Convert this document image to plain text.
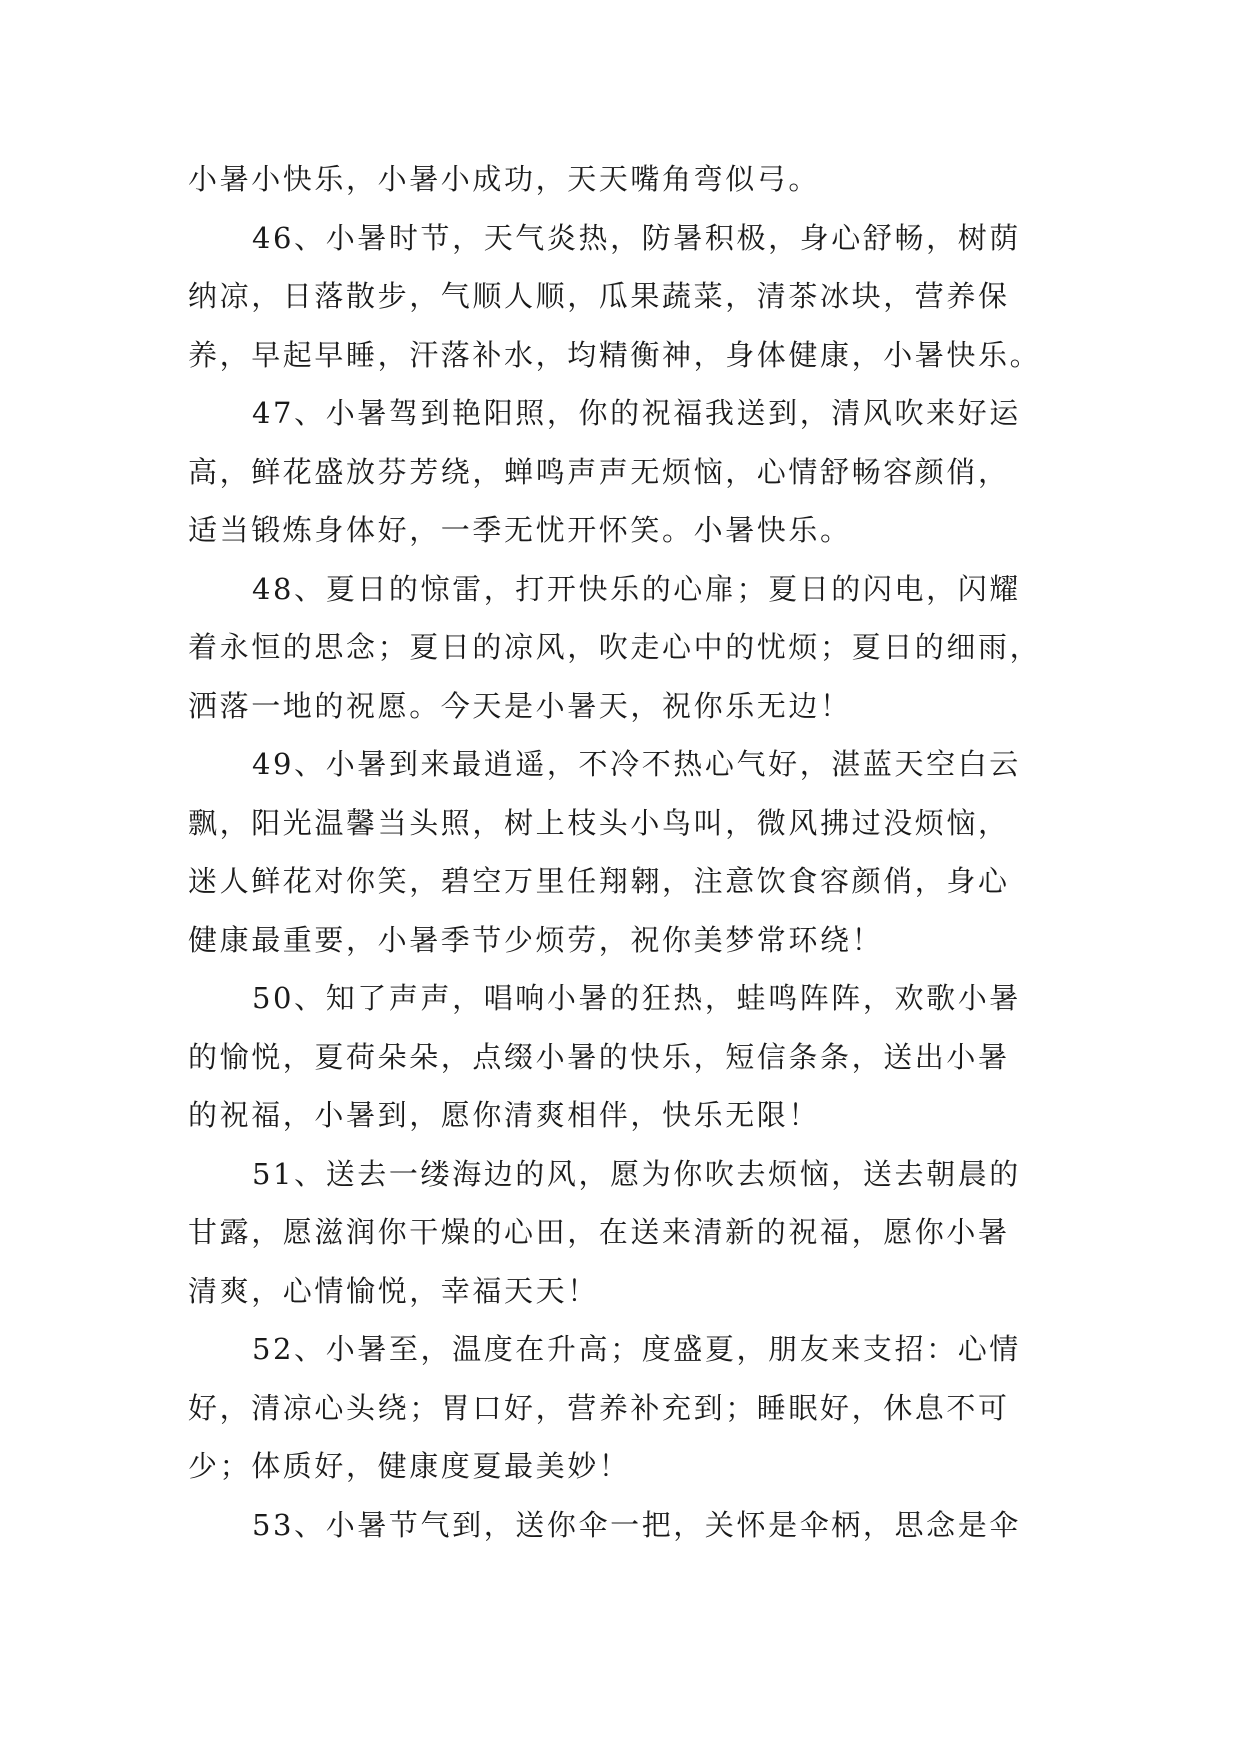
小暑小快乐，小暑小成功，天天嘴角弯似弓。
46、小暑时节，天气炎热，防暑积极，身心舒畅，树荫
纳凉，日落散步，气顺人顺，瓜果蔬菜，清茶冰块，营养保
养，早起早睡，汗落补水，均精衡神，身体健康，小暑快乐。
47、小暑驾到艳阳照，你的祝福我送到，清风吹来好运
高，鲜花盛放芬芳绕，蝉鸣声声无烦恼，心情舒畅容颜俏，
适当锻炼身体好，一季无忧开怀笑。小暑快乐。
48、夏日的惊雷，打开快乐的心扉；夏日的闪电，闪耀
着永恒的思念；夏日的凉风，吹走心中的忧烦；夏日的细雨，
洒落一地的祝愿。今天是小暑天，祝你乐无边！
49、小暑到来最逍遥，不冷不热心气好，湛蓝天空白云
飘，阳光温馨当头照，树上枝头小鸟叫，微风拂过没烦恼，
迷人鲜花对你笑，碧空万里任翔翱，注意饮食容颜俏，身心
健康最重要，小暑季节少烦劳，祝你美梦常环绕！
50、知了声声，唱响小暑的狂热，蛙鸣阵阵，欢歌小暑
的愉悦，夏荷朵朵，点缀小暑的快乐，短信条条，送出小暑
的祝福，小暑到，愿你清爽相伴，快乐无限！
51、送去一缕海边的风，愿为你吹去烦恼，送去朝晨的
甘露，愿滋润你干燥的心田，在送来清新的祝福，愿你小暑
清爽，心情愉悦，幸福天天！
52、小暑至，温度在升高；度盛夏，朋友来支招：心情
好，清凉心头绕；胃口好，营养补充到；睡眠好，休息不可
少；体质好，健康度夏最美妙！
53、小暑节气到，送你伞一把，关怀是伞柄，思念是伞
